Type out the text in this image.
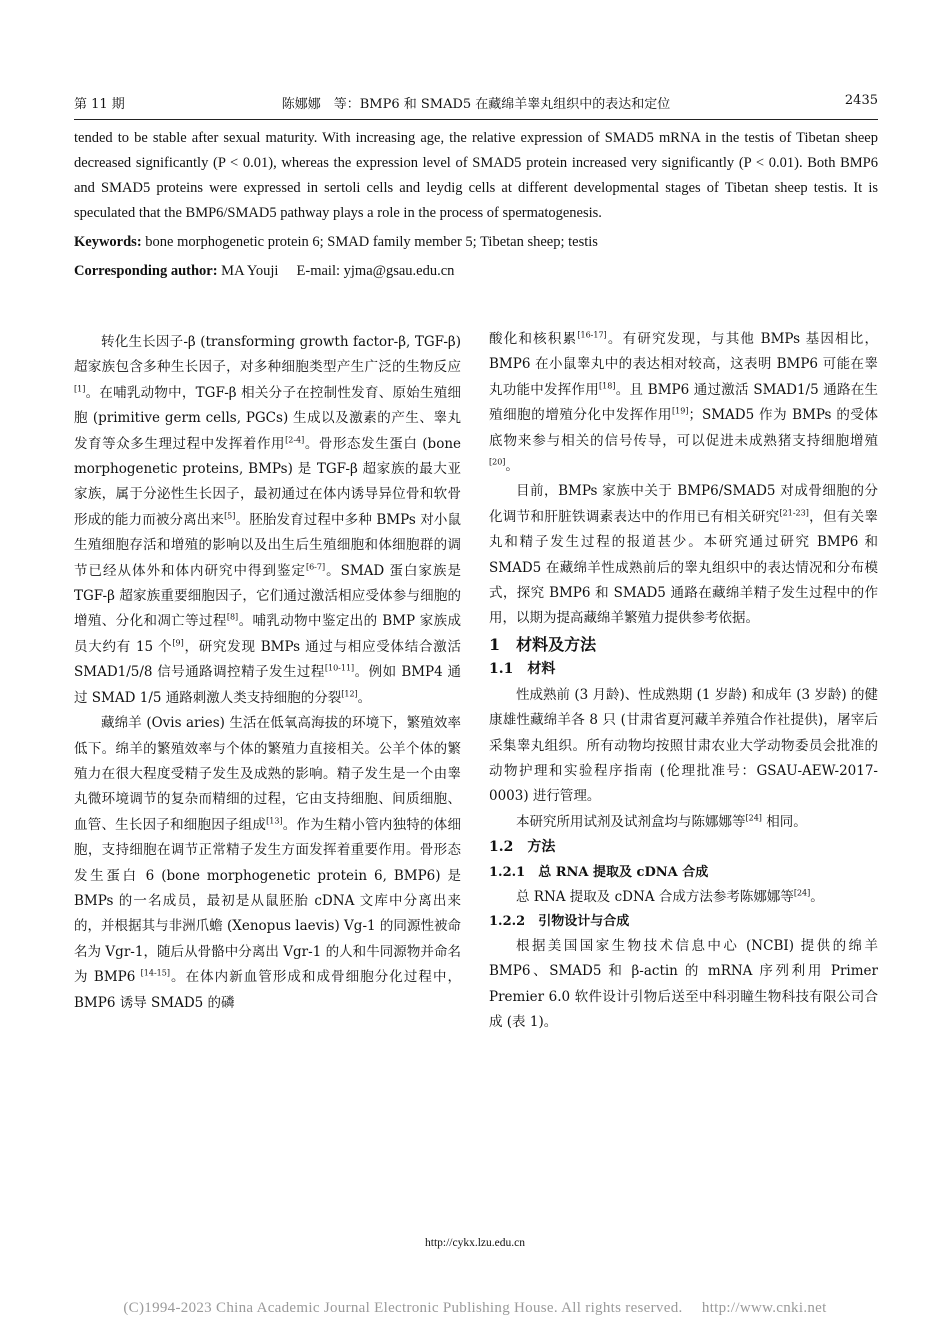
第 11 期	陈娜娜　等：BMP6 和 SMAD5 在藏绵羊睾丸组织中的表达和定位	2435

tended to be stable after sexual maturity. With increasing age, the relative expression of SMAD5 mRNA in the testis of Tibetan sheep decreased significantly (P < 0.01), whereas the expression level of SMAD5 protein increased very significantly (P < 0.01). Both BMP6 and SMAD5 proteins were expressed in sertoli cells and leydig cells at different developmental stages of Tibetan sheep testis. It is speculated that the BMP6/SMAD5 pathway plays a role in the process of spermatogenesis.

Keywords: bone morphogenetic protein 6; SMAD family member 5; Tibetan sheep; testis

Corresponding author: MA Youji　 E-mail: yjma@gsau.edu.cn

转化生长因子-β (transforming growth factor-β, TGF-β) 超家族包含多种生长因子，对多种细胞类型产生广泛的生物反应[1]。在哺乳动物中，TGF-β 相关分子在控制性发育、原始生殖细胞 (primitive germ cells, PGCs) 生成以及激素的产生、睾丸发育等众多生理过程中发挥着作用[2-4]。骨形态发生蛋白 (bone morphogenetic proteins, BMPs) 是 TGF-β 超家族的最大亚家族，属于分泌性生长因子，最初通过在体内诱导异位骨和软骨形成的能力而被分离出来[5]。胚胎发育过程中多种 BMPs 对小鼠生殖细胞存活和增殖的影响以及出生后生殖细胞和体细胞群的调节已经从体外和体内研究中得到鉴定[6-7]。SMAD 蛋白家族是 TGF-β 超家族重要细胞因子，它们通过激活相应受体参与细胞的增殖、分化和凋亡等过程[8]。哺乳动物中鉴定出的 BMP 家族成员大约有 15 个[9]，研究发现 BMPs 通过与相应受体结合激活 SMAD1/5/8 信号通路调控精子发生过程[10-11]。例如 BMP4 通过 SMAD 1/5 通路刺激人类支持细胞的分裂[12]。

藏绵羊 (Ovis aries) 生活在低氧高海拔的环境下，繁殖效率低下。绵羊的繁殖效率与个体的繁殖力直接相关。公羊个体的繁殖力在很大程度受精子发生及成熟的影响。精子发生是一个由睾丸微环境调节的复杂而精细的过程，它由支持细胞、间质细胞、血管、生长因子和细胞因子组成[13]。作为生精小管内独特的体细胞，支持细胞在调节正常精子发生方面发挥着重要作用。骨形态发生蛋白 6 (bone morphogenetic protein 6, BMP6) 是 BMPs 的一名成员，最初是从鼠胚胎 cDNA 文库中分离出来的，并根据其与非洲爪蟾 (Xenopus laevis) Vg-1 的同源性被命名为 Vgr-1，随后从骨骼中分离出 Vgr-1 的人和牛同源物并命名为 BMP6 [14-15]。在体内新血管形成和成骨细胞分化过程中，BMP6 诱导 SMAD5 的磷

酸化和核积累[16-17]。有研究发现，与其他 BMPs 基因相比，BMP6 在小鼠睾丸中的表达相对较高，这表明 BMP6 可能在睾丸功能中发挥作用[18]。且 BMP6 通过激活 SMAD1/5 通路在生殖细胞的增殖分化中发挥作用[19]；SMAD5 作为 BMPs 的受体底物来参与相关的信号传导，可以促进未成熟猪支持细胞增殖[20]。

目前，BMPs 家族中关于 BMP6/SMAD5 对成骨细胞的分化调节和肝脏铁调素表达中的作用已有相关研究[21-23]，但有关睾丸和精子发生过程的报道甚少。本研究通过研究 BMP6 和 SMAD5 在藏绵羊性成熟前后的睾丸组织中的表达情况和分布模式，探究 BMP6 和 SMAD5 通路在藏绵羊精子发生过程中的作用，以期为提高藏绵羊繁殖力提供参考依据。

1　材料及方法

1.1　材料

性成熟前 (3 月龄)、性成熟期 (1 岁龄) 和成年 (3 岁龄) 的健康雄性藏绵羊各 8 只 (甘肃省夏河藏羊养殖合作社提供)，屠宰后采集睾丸组织。所有动物均按照甘肃农业大学动物委员会批准的动物护理和实验程序指南 (伦理批准号：GSAU-AEW-2017-0003) 进行管理。

本研究所用试剂及试剂盒均与陈娜娜等[24] 相同。

1.2　方法

1.2.1　总 RNA 提取及 cDNA 合成

总 RNA 提取及 cDNA 合成方法参考陈娜娜等[24]。

1.2.2　引物设计与合成

根据美国国家生物技术信息中心 (NCBI) 提供的绵羊 BMP6、SMAD5 和 β-actin 的 mRNA 序列利用 Primer Premier 6.0 软件设计引物后送至中科羽瞳生物科技有限公司合成 (表 1)。

http://cykx.lzu.edu.cn
(C)1994-2023 China Academic Journal Electronic Publishing House. All rights reserved.　 http://www.cnki.net
